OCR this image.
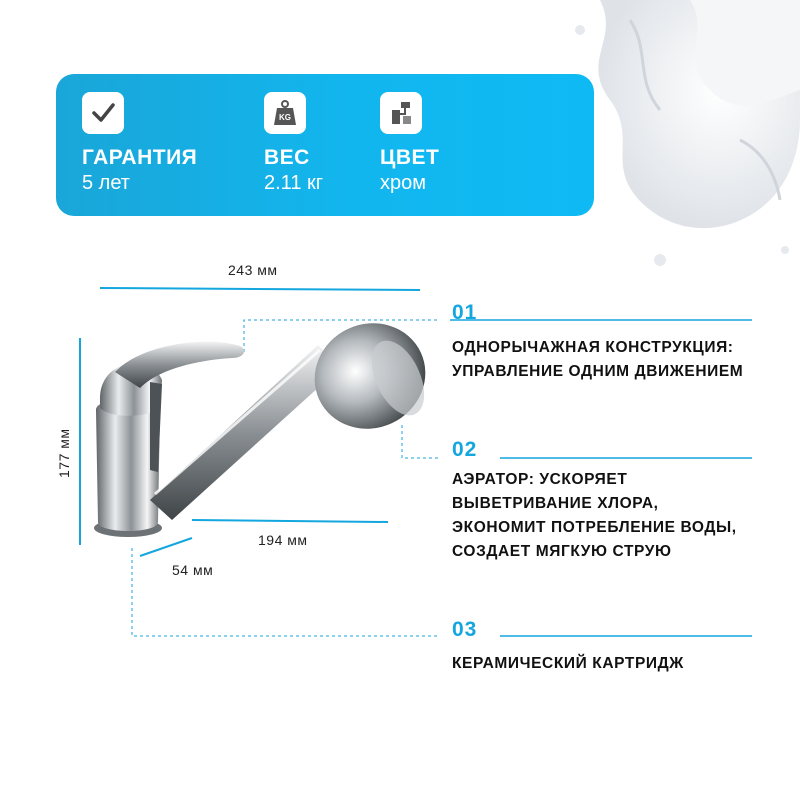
ГАРАНТИЯ
5 лет
KG
ВЕС
2.11 кг
ЦВЕТ
хром
243 мм
177 мм
194 мм
54 мм
01
ОДНОРЫЧАЖНАЯ КОНСТРУКЦИЯ: УПРАВЛЕНИЕ ОДНИМ ДВИЖЕНИЕМ
02
АЭРАТОР: УСКОРЯЕТ ВЫВЕТРИВАНИЕ ХЛОРА, ЭКОНОМИТ ПОТРЕБЛЕНИЕ ВОДЫ, СОЗДАЕТ МЯГКУЮ СТРУЮ
03
КЕРАМИЧЕСКИЙ КАРТРИДЖ
